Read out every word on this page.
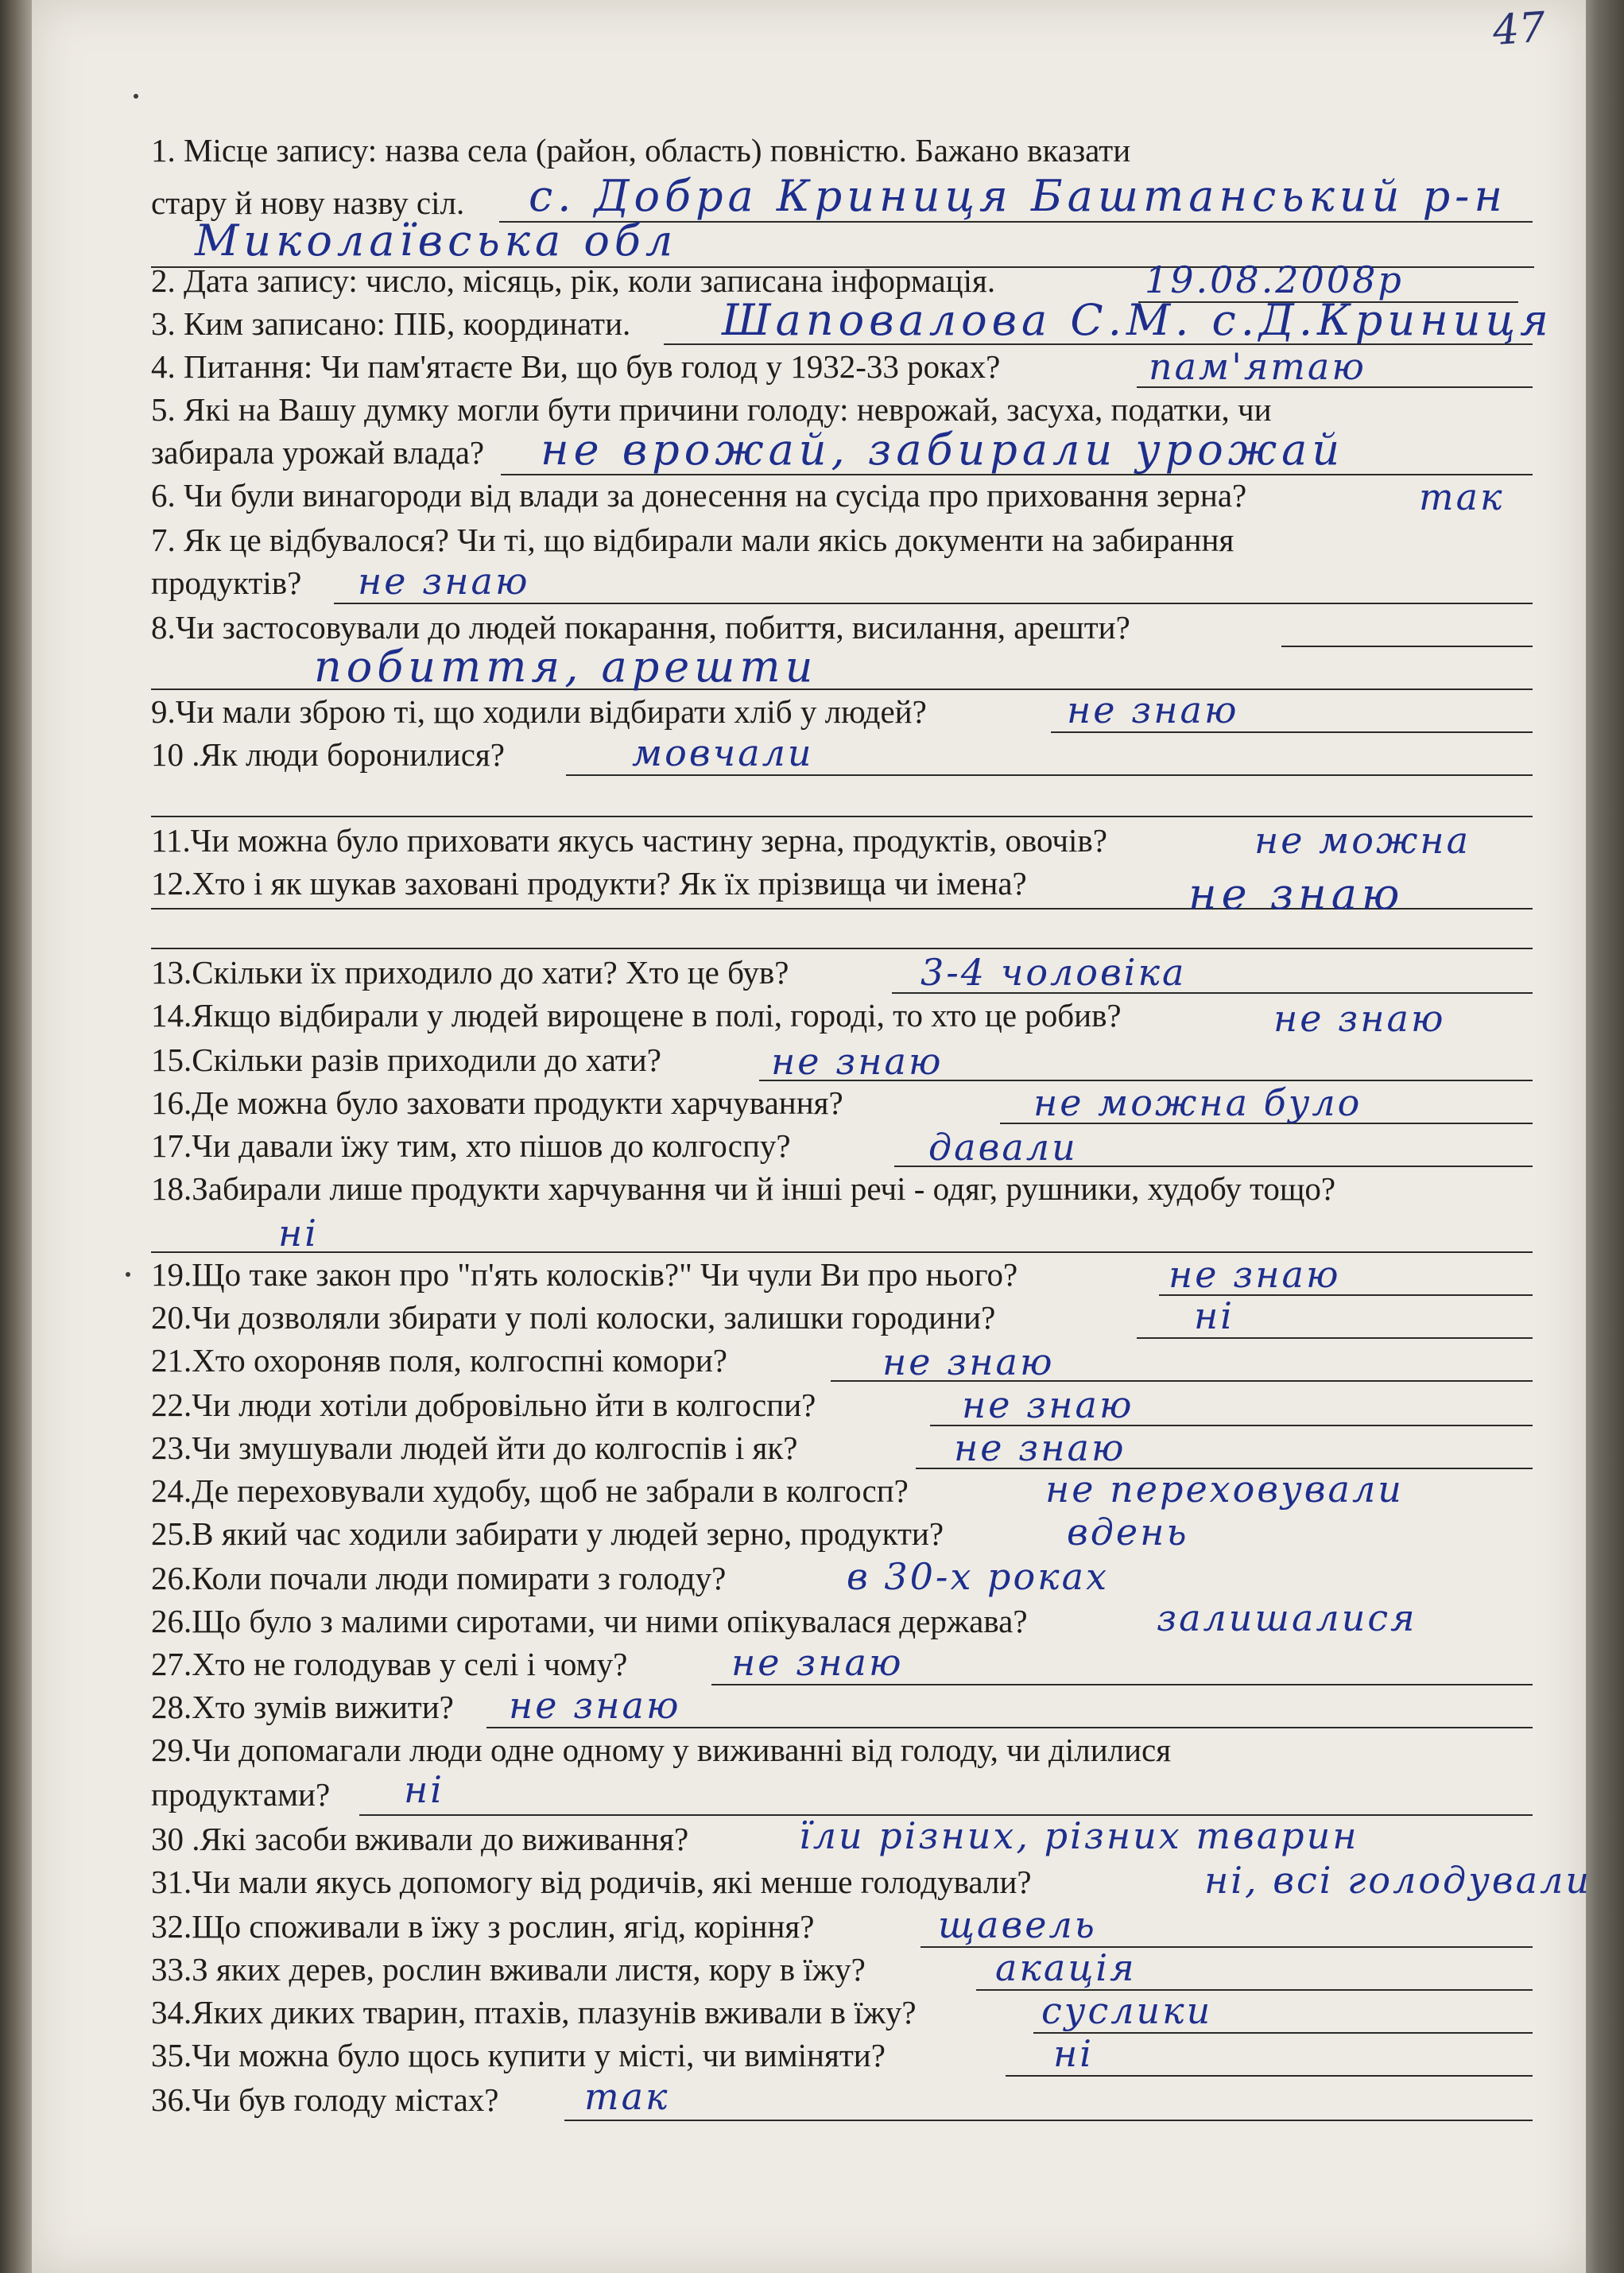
47
1. Місце запису: назва села (район, область) повністю. Бажано вказати
стару й нову назву сіл.	с. Добра Криниця Баштанський р-н
Миколаївська обл
2. Дата запису: число, місяць, рік, коли записана інформація.	19.08.2008р
3. Ким записано: ПІБ, координати.	Шаповалова С.М. с.Д.Криниця
4. Питання: Чи пам'ятаєте Ви, що був голод у 1932-33 роках?	пам'ятаю
5. Які на Вашу думку могли бути причини голоду: неврожай, засуха, податки, чи
забирала урожай влада?	не врожай, забирали урожай
6. Чи були винагороди від влади за донесення на сусіда про приховання зерна?	так
7. Як це відбувалося? Чи ті, що відбирали мали якісь документи на забирання
продуктів?	не знаю
8.Чи застосовували до людей покарання, побиття, висилання, арешти?
побиття, арешти
9.Чи мали зброю ті, що ходили відбирати хліб у людей?	не знаю
10 .Як люди боронилися?	мовчали
11.Чи можна було приховати якусь частину зерна, продуктів, овочів?	не можна
12.Хто і як шукав заховані продукти? Як їх прізвища чи імена?	не знаю
13.Скільки їх приходило до хати? Хто це був?	3-4 чоловіка
14.Якщо відбирали у людей вирощене в полі, городі, то хто це робив?	не знаю
15.Скільки разів приходили до хати?	не знаю
16.Де можна було заховати продукти харчування?	не можна було
17.Чи давали їжу тим, хто пішов до колгоспу?	давали
18.Забирали лише продукти харчування чи й інші речі - одяг, рушники, худобу тощо?
ні
19.Що таке закон про "п'ять колосків?" Чи чули Ви про нього?	не знаю
20.Чи дозволяли збирати у полі колоски, залишки городини?	ні
21.Хто охороняв поля, колгоспні комори?	не знаю
22.Чи люди хотіли добровільно йти в колгоспи?	не знаю
23.Чи змушували людей йти до колгоспів і як?	не знаю
24.Де переховували худобу, щоб не забрали в колгосп?	не переховували
25.В який час ходили забирати у людей зерно, продукти?	вдень
26.Коли почали люди помирати з голоду?	в 30-х роках
26.Що було з малими сиротами, чи ними опікувалася держава?	залишалися
27.Хто не голодував у селі і чому?	не знаю
28.Хто зумів вижити?	не знаю
29.Чи допомагали люди одне одному у виживанні від голоду, чи ділилися
продуктами?	ні
30 .Які засоби вживали до виживання?	їли різних, різних тварин
31.Чи мали якусь допомогу від родичів, які менше голодували?	ні, всі голодували
32.Що споживали в їжу з рослин, ягід, коріння?	щавель
33.З яких дерев, рослин вживали листя, кору в їжу?	акація
34.Яких диких тварин, птахів, плазунів вживали в їжу?	суслики
35.Чи можна було щось купити у місті, чи виміняти?	ні
36.Чи був голоду містах?	так
